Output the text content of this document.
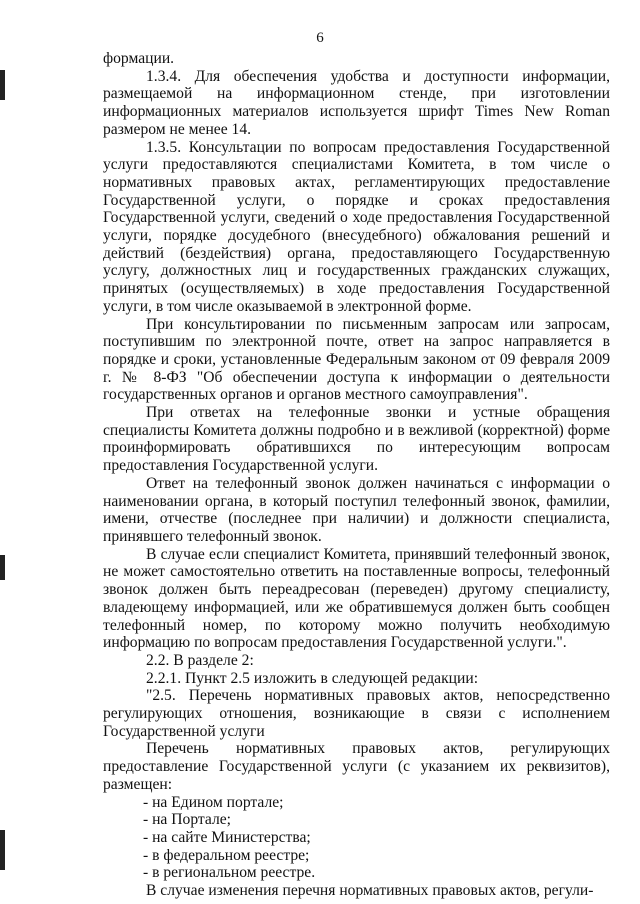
6

формации.

1.3.4. Для обеспечения удобства и доступности информации, размещаемой на информационном стенде, при изготовлении информационных материалов используется шрифт Times New Roman размером не менее 14.

1.3.5. Консультации по вопросам предоставления Государственной услуги предоставляются специалистами Комитета, в том числе о нормативных правовых актах, регламентирующих предоставление Государственной услуги, о порядке и сроках предоставления Государственной услуги, сведений о ходе предоставления Государственной услуги, порядке досудебного (внесудебного) обжалования решений и действий (бездействия) органа, предоставляющего Государственную услугу, должностных лиц и государственных гражданских служащих, принятых (осуществляемых) в ходе предоставления Государственной услуги, в том числе оказываемой в электронной форме.

При консультировании по письменным запросам или запросам, поступившим по электронной почте, ответ на запрос направляется в порядке и сроки, установленные Федеральным законом от 09 февраля 2009 г. № 8-ФЗ "Об обеспечении доступа к информации о деятельности государственных органов и органов местного самоуправления".

При ответах на телефонные звонки и устные обращения специалисты Комитета должны подробно и в вежливой (корректной) форме проинформировать обратившихся по интересующим вопросам предоставления Государственной услуги.

Ответ на телефонный звонок должен начинаться с информации о наименовании органа, в который поступил телефонный звонок, фамилии, имени, отчестве (последнее при наличии) и должности специалиста, принявшего телефонный звонок.

В случае если специалист Комитета, принявший телефонный звонок, не может самостоятельно ответить на поставленные вопросы, телефонный звонок должен быть переадресован (переведен) другому специалисту, владеющему информацией, или же обратившемуся должен быть сообщен телефонный номер, по которому можно получить необходимую информацию по вопросам предоставления Государственной услуги.".

2.2. В разделе 2:

2.2.1. Пункт 2.5 изложить в следующей редакции:

"2.5. Перечень нормативных правовых актов, непосредственно регулирующих отношения, возникающие в связи с исполнением Государственной услуги

Перечень нормативных правовых актов, регулирующих предоставление Государственной услуги (с указанием их реквизитов), размещен:

- на Едином портале;

- на Портале;

- на сайте Министерства;

- в федеральном реестре;

- в региональном реестре.

В случае изменения перечня нормативных правовых актов, регули-
